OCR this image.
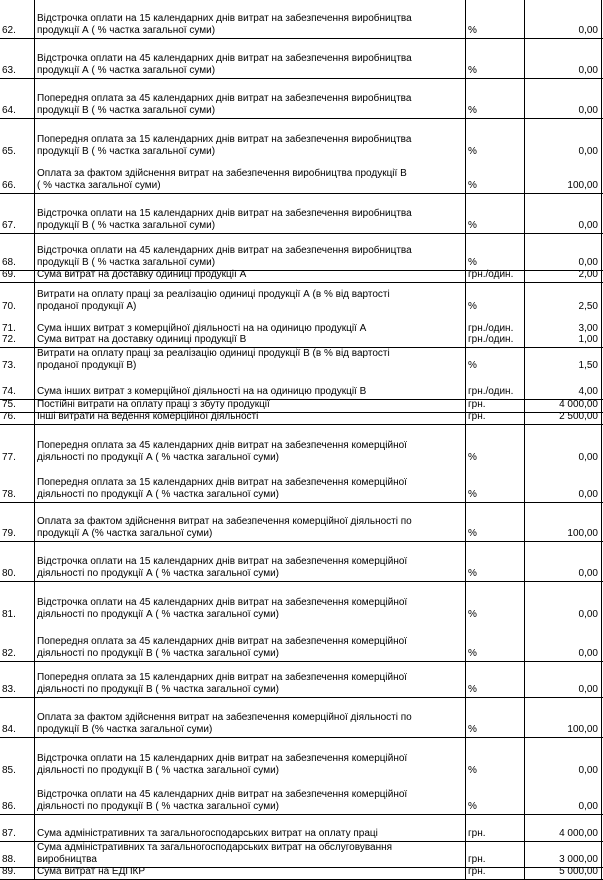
62.
Відстрочка оплати на 15 календарних днів витрат на забезпечення виробництва
продукції А ( % частка загальної суми)	%	0,00
63.
Відстрочка оплати на 45 календарних днів витрат на забезпечення виробництва
продукції А ( % частка загальної суми)	%	0,00
64.
Попередня оплата за 45 календарних днів витрат на забезпечення виробництва
продукції В ( % частка загальної суми)	%	0,00
65.
Попередня оплата за 15 календарних днів витрат на забезпечення виробництва
продукції В ( % частка загальної суми)	%	0,00
66.
Оплата за фактом здійснення витрат на забезпечення виробництва продукції В
( % частка загальної суми)	%	100,00
67.
Відстрочка оплати на 15 календарних днів витрат на забезпечення виробництва
продукції В ( % частка загальної суми)	%	0,00
68.
Відстрочка оплати на 45 календарних днів витрат на забезпечення виробництва
продукції В ( % частка загальної суми)	%	0,00
69.	Сума витрат на доставку одиниці продукції А	грн./один.	2,00
70.
Витрати на оплату праці за реалізацію одиниці продукції А (в % від вартості
проданої продукції А)	%	2,50
71.	Сума інших витрат з комерційної діяльності на на одиницю продукції А	грн./один.	3,00
72.	Сума витрат на доставку одиниці продукції В	грн./один.	1,00
73.
Витрати на оплату праці за реалізацію одиниці продукції В (в % від вартості
проданої продукції В)	%	1,50
74.	Сума інших витрат з комерційної діяльності на на одиницю продукції В	грн./один.	4,00
75.	Постійні витрати на оплату праці з збуту продукції	грн.	4 000,00
76.	Інші витрати на ведення комерційної діяльності	грн.	2 500,00
77.
Попередня оплата за 45 календарних днів витрат на забезпечення комерційної
діяльності по продукції А ( % частка загальної суми)	%	0,00
78.
Попередня оплата за 15 календарних днів витрат на забезпечення комерційної
діяльності по продукції А ( % частка загальної суми)	%	0,00
79.
Оплата за фактом здійснення витрат на забезпечення комерційної діяльності по
продукції А (% частка загальної суми)	%	100,00
80.
Відстрочка оплати на 15 календарних днів витрат на забезпечення комерційної
діяльності по продукції А ( % частка загальної суми)	%	0,00
81.
Відстрочка оплати на 45 календарних днів витрат на забезпечення комерційної
діяльності по продукції А ( % частка загальної суми)	%	0,00
82.
Попередня оплата за 45 календарних днів витрат на забезпечення комерційної
діяльності по продукції В ( % частка загальної суми)	%	0,00
83.
Попередня оплата за 15 календарних днів витрат на забезпечення комерційної
діяльності по продукції В ( % частка загальної суми)	%	0,00
84.
Оплата за фактом здійснення витрат на забезпечення комерційної діяльності по
продукції В (% частка загальної суми)	%	100,00
85.
Відстрочка оплати на 15 календарних днів витрат на забезпечення комерційної
діяльності по продукції В ( % частка загальної суми)	%	0,00
86.
Відстрочка оплати на 45 календарних днів витрат на забезпечення комерційної
діяльності по продукції В ( % частка загальної суми)	%	0,00
87.	Сума адміністративних та загальногосподарських витрат на оплату праці	грн.	4 000,00
88.
Сума адміністративних та загальногосподарських витрат на обслуговування
виробництва	грн.	3 000,00
89.	Сума витрат на ЕДПКР	грн.	5 000,00
